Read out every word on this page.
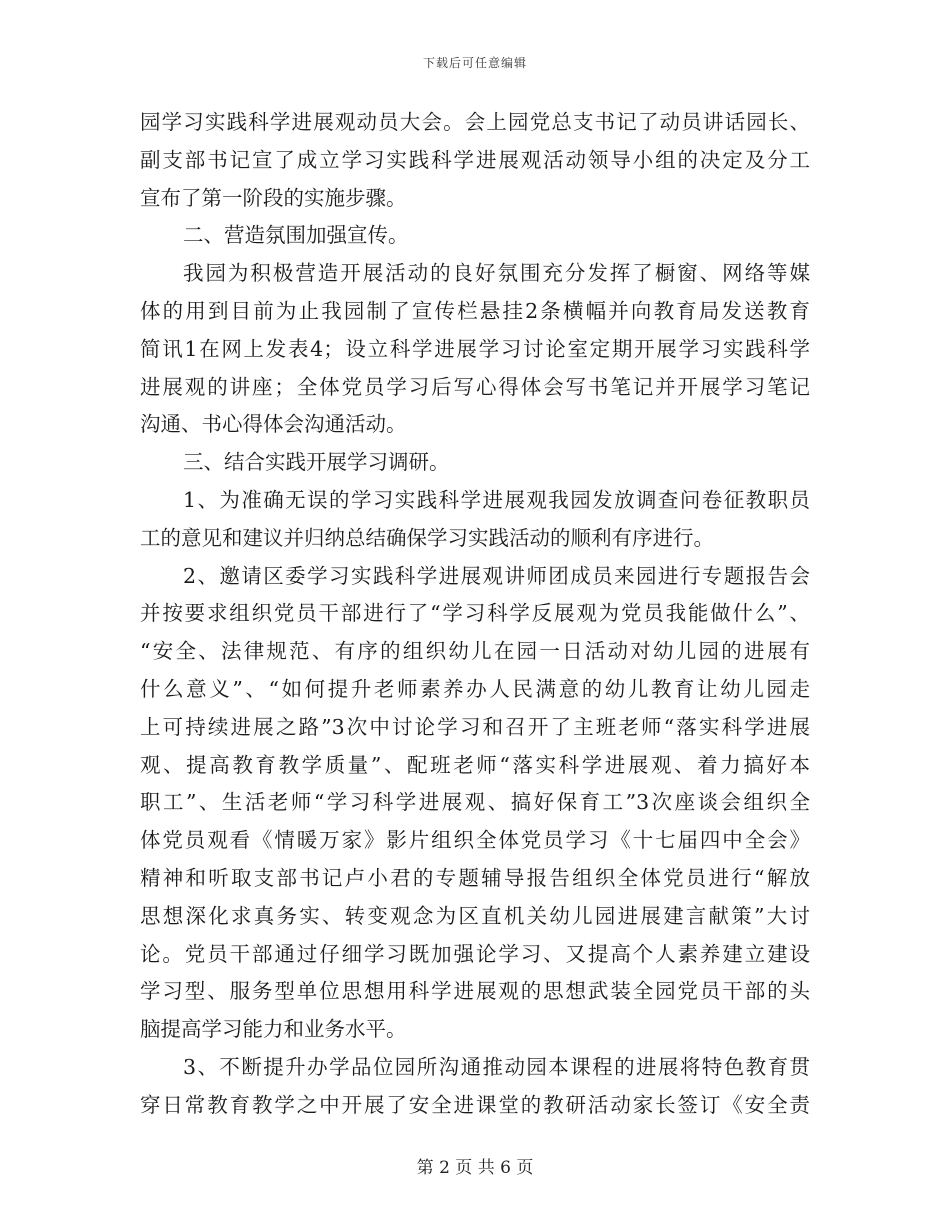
下载后可任意编辑
园学习实践科学进展观动员大会。会上园党总支书记了动员讲话园长、
副支部书记宣了成立学习实践科学进展观活动领导小组的决定及分工
宣布了第一阶段的实施步骤。
二、营造氛围加强宣传。
我园为积极营造开展活动的良好氛围充分发挥了橱窗、网络等媒
体的用到目前为止我园制了宣传栏悬挂2条横幅并向教育局发送教育
简讯1在网上发表4；设立科学进展学习讨论室定期开展学习实践科学
进展观的讲座；全体党员学习后写心得体会写书笔记并开展学习笔记
沟通、书心得体会沟通活动。
三、结合实践开展学习调研。
1、为准确无误的学习实践科学进展观我园发放调查问卷征教职员
工的意见和建议并归纳总结确保学习实践活动的顺利有序进行。
2、邀请区委学习实践科学进展观讲师团成员来园进行专题报告会
并按要求组织党员干部进行了“学习科学反展观为党员我能做什么”、
“安全、法律规范、有序的组织幼儿在园一日活动对幼儿园的进展有
什么意义”、“如何提升老师素养办人民满意的幼儿教育让幼儿园走
上可持续进展之路”3次中讨论学习和召开了主班老师“落实科学进展
观、提高教育教学质量”、配班老师“落实科学进展观、着力搞好本
职工”、生活老师“学习科学进展观、搞好保育工”3次座谈会组织全
体党员观看《情暖万家》影片组织全体党员学习《十七届四中全会》
精神和听取支部书记卢小君的专题辅导报告组织全体党员进行“解放
思想深化求真务实、转变观念为区直机关幼儿园进展建言献策”大讨
论。党员干部通过仔细学习既加强论学习、又提高个人素养建立建设
学习型、服务型单位思想用科学进展观的思想武装全园党员干部的头
脑提高学习能力和业务水平。
3、不断提升办学品位园所沟通推动园本课程的进展将特色教育贯
穿日常教育教学之中开展了安全进课堂的教研活动家长签订《安全责
第 2 页 共 6 页
